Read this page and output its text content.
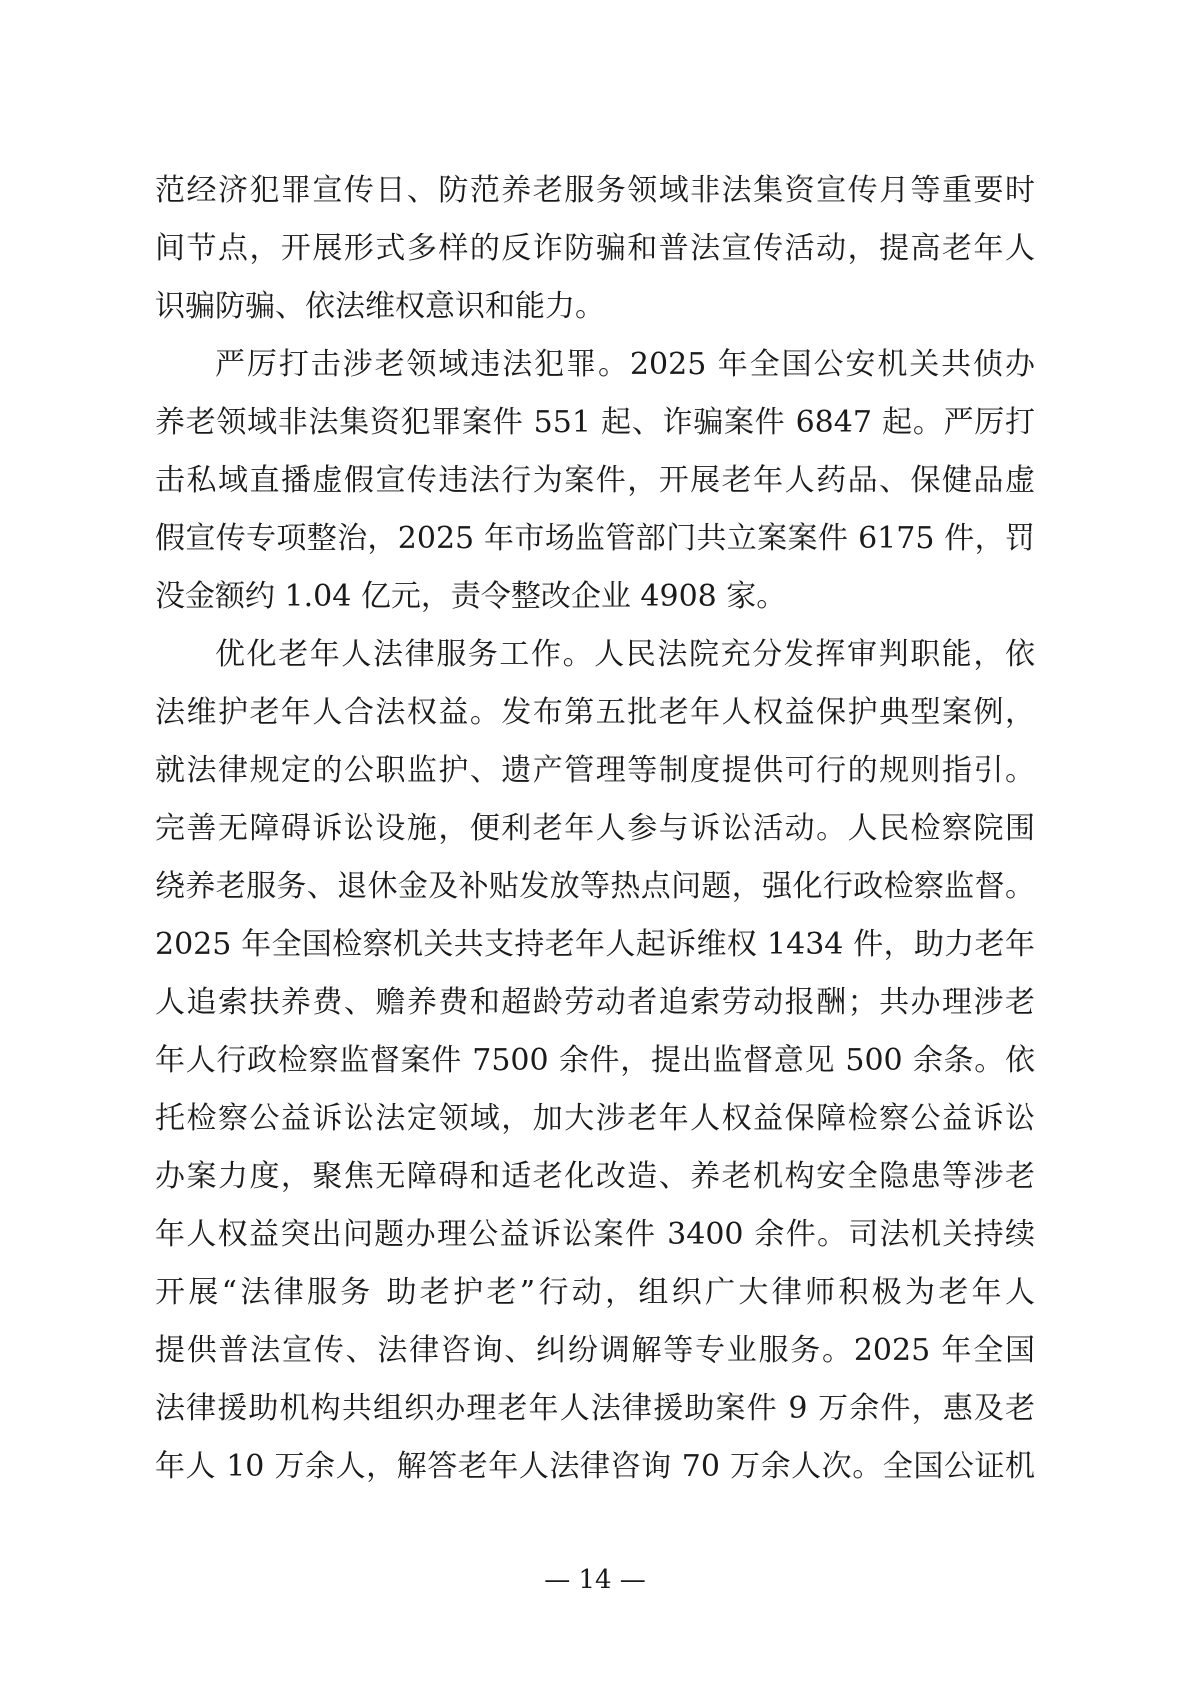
范经济犯罪宣传日、防范养老服务领域非法集资宣传月等重要时
间节点，开展形式多样的反诈防骗和普法宣传活动，提高老年人
识骗防骗、依法维权意识和能力。
严厉打击涉老领域违法犯罪。2025 年全国公安机关共侦办
养老领域非法集资犯罪案件 551 起、诈骗案件 6847 起。严厉打
击私域直播虚假宣传违法行为案件，开展老年人药品、保健品虚
假宣传专项整治，2025 年市场监管部门共立案案件 6175 件，罚
没金额约 1.04 亿元，责令整改企业 4908 家。
优化老年人法律服务工作。人民法院充分发挥审判职能，依
法维护老年人合法权益。发布第五批老年人权益保护典型案例，
就法律规定的公职监护、遗产管理等制度提供可行的规则指引。
完善无障碍诉讼设施，便利老年人参与诉讼活动。人民检察院围
绕养老服务、退休金及补贴发放等热点问题，强化行政检察监督。
2025 年全国检察机关共支持老年人起诉维权 1434 件，助力老年
人追索扶养费、赡养费和超龄劳动者追索劳动报酬；共办理涉老
年人行政检察监督案件 7500 余件，提出监督意见 500 余条。依
托检察公益诉讼法定领域，加大涉老年人权益保障检察公益诉讼
办案力度，聚焦无障碍和适老化改造、养老机构安全隐患等涉老
年人权益突出问题办理公益诉讼案件 3400 余件。司法机关持续
开展“法律服务 助老护老”行动，组织广大律师积极为老年人
提供普法宣传、法律咨询、纠纷调解等专业服务。2025 年全国
法律援助机构共组织办理老年人法律援助案件 9 万余件，惠及老
年人 10 万余人，解答老年人法律咨询 70 万余人次。全国公证机
— 14 —
